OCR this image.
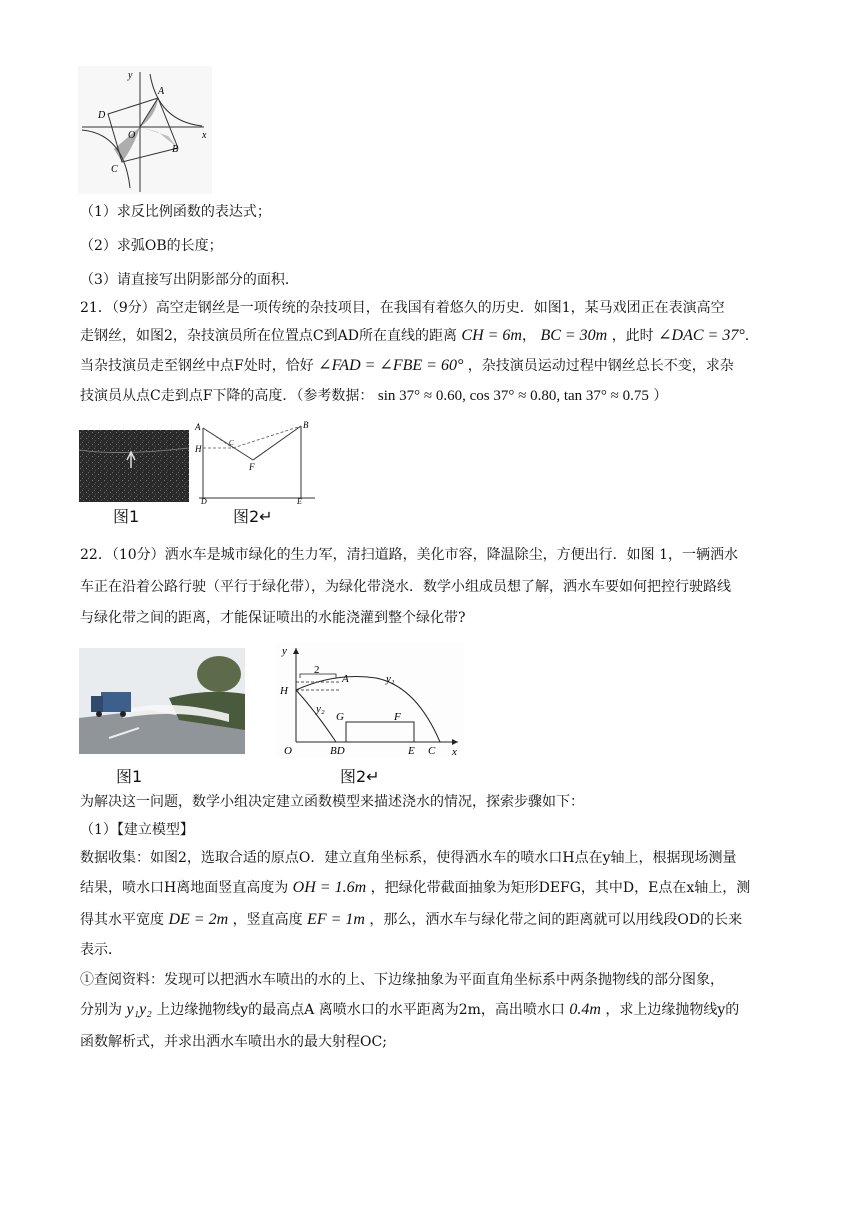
y
x
O
A
B
C
D
（1）求反比例函数的表达式；
（2）求弧OB的长度；
（3）请直接写出阴影部分的面积．
21．（9分）高空走钢丝是一项传统的杂技项目，在我国有着悠久的历史．如图1，某马戏团正在表演高空
走钢丝，如图2，杂技演员所在位置点C到AD所在直线的距离 CH = 6m， BC = 30m ，此时 ∠DAC = 37°.
当杂技演员走至钢丝中点F处时，恰好 ∠FAD = ∠FBE = 60° ，杂技演员运动过程中钢丝总长不变，求杂
技演员从点C走到点F下降的高度．（参考数据： sin 37° ≈ 0.60, cos 37° ≈ 0.80, tan 37° ≈ 0.75 ）
图1
A	B
H
F
D	E
C
图2↵
22．（10分）洒水车是城市绿化的生力军，清扫道路，美化市容，降温除尘，方便出行．如图 1，一辆洒水
车正在沿着公路行驶（平行于绿化带），为绿化带浇水．数学小组成员想了解，洒水车要如何把控行驶路线
与绿化带之间的距离，才能保证喷出的水能浇灌到整个绿化带?
图1
2
A
y
x
H
y₁
y₂
G	F
O	BD	E C
图2↵
为解决这一问题，数学小组决定建立函数模型来描述浇水的情况，探索步骤如下：
（1）【建立模型】
数据收集：如图2，选取合适的原点O．建立直角坐标系，使得洒水车的喷水口H点在y轴上，根据现场测量
结果，喷水口H离地面竖直高度为 OH = 1.6m ，把绿化带截面抽象为矩形DEFG，其中D，E点在x轴上，测
得其水平宽度 DE = 2m ，竖直高度 EF = 1m ，那么，洒水车与绿化带之间的距离就可以用线段OD的长来
表示．
①查阅资料：发现可以把洒水车喷出的水的上、下边缘抽象为平面直角坐标系中两条抛物线的部分图象，
分别为 y₁y₂ 上边缘抛物线y的最高点A 离喷水口的水平距离为2m，高出喷水口 0.4m ，求上边缘抛物线y的
函数解析式，并求出洒水车喷出水的最大射程OC;
